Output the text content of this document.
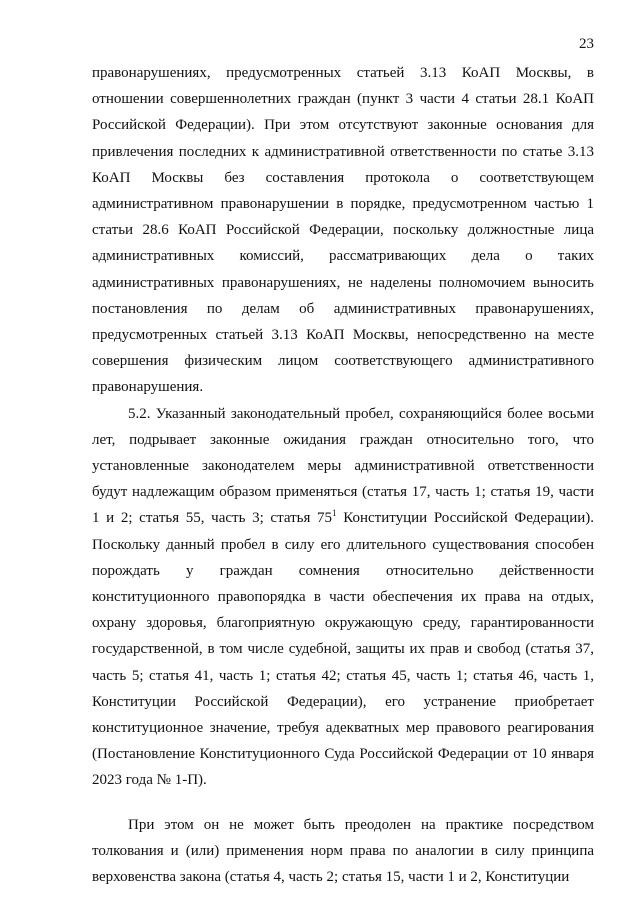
23

правонарушениях, предусмотренных статьей 3.13 КоАП Москвы, в отношении совершеннолетних граждан (пункт 3 части 4 статьи 28.1 КоАП Российской Федерации). При этом отсутствуют законные основания для привлечения последних к административной ответственности по статье 3.13 КоАП Москвы без составления протокола о соответствующем административном правонарушении в порядке, предусмотренном частью 1 статьи 28.6 КоАП Российской Федерации, поскольку должностные лица административных комиссий, рассматривающих дела о таких административных правонарушениях, не наделены полномочием выносить постановления по делам об административных правонарушениях, предусмотренных статьей 3.13 КоАП Москвы, непосредственно на месте совершения физическим лицом соответствующего административного правонарушения.

5.2. Указанный законодательный пробел, сохраняющийся более восьми лет, подрывает законные ожидания граждан относительно того, что установленные законодателем меры административной ответственности будут надлежащим образом применяться (статья 17, часть 1; статья 19, части 1 и 2; статья 55, часть 3; статья $75^1$ Конституции Российской Федерации). Поскольку данный пробел в силу его длительного существования способен порождать у граждан сомнения относительно действенности конституционного правопорядка в части обеспечения их права на отдых, охрану здоровья, благоприятную окружающую среду, гарантированности государственной, в том числе судебной, защиты их прав и свобод (статья 37, часть 5; статья 41, часть 1; статья 42; статья 45, часть 1; статья 46, часть 1, Конституции Российской Федерации), его устранение приобретает конституционное значение, требуя адекватных мер правового реагирования (Постановление Конституционного Суда Российской Федерации от 10 января 2023 года № 1-П).

При этом он не может быть преодолен на практике посредством толкования и (или) применения норм права по аналогии в силу принципа верховенства закона (статья 4, часть 2; статья 15, части 1 и 2, Конституции
